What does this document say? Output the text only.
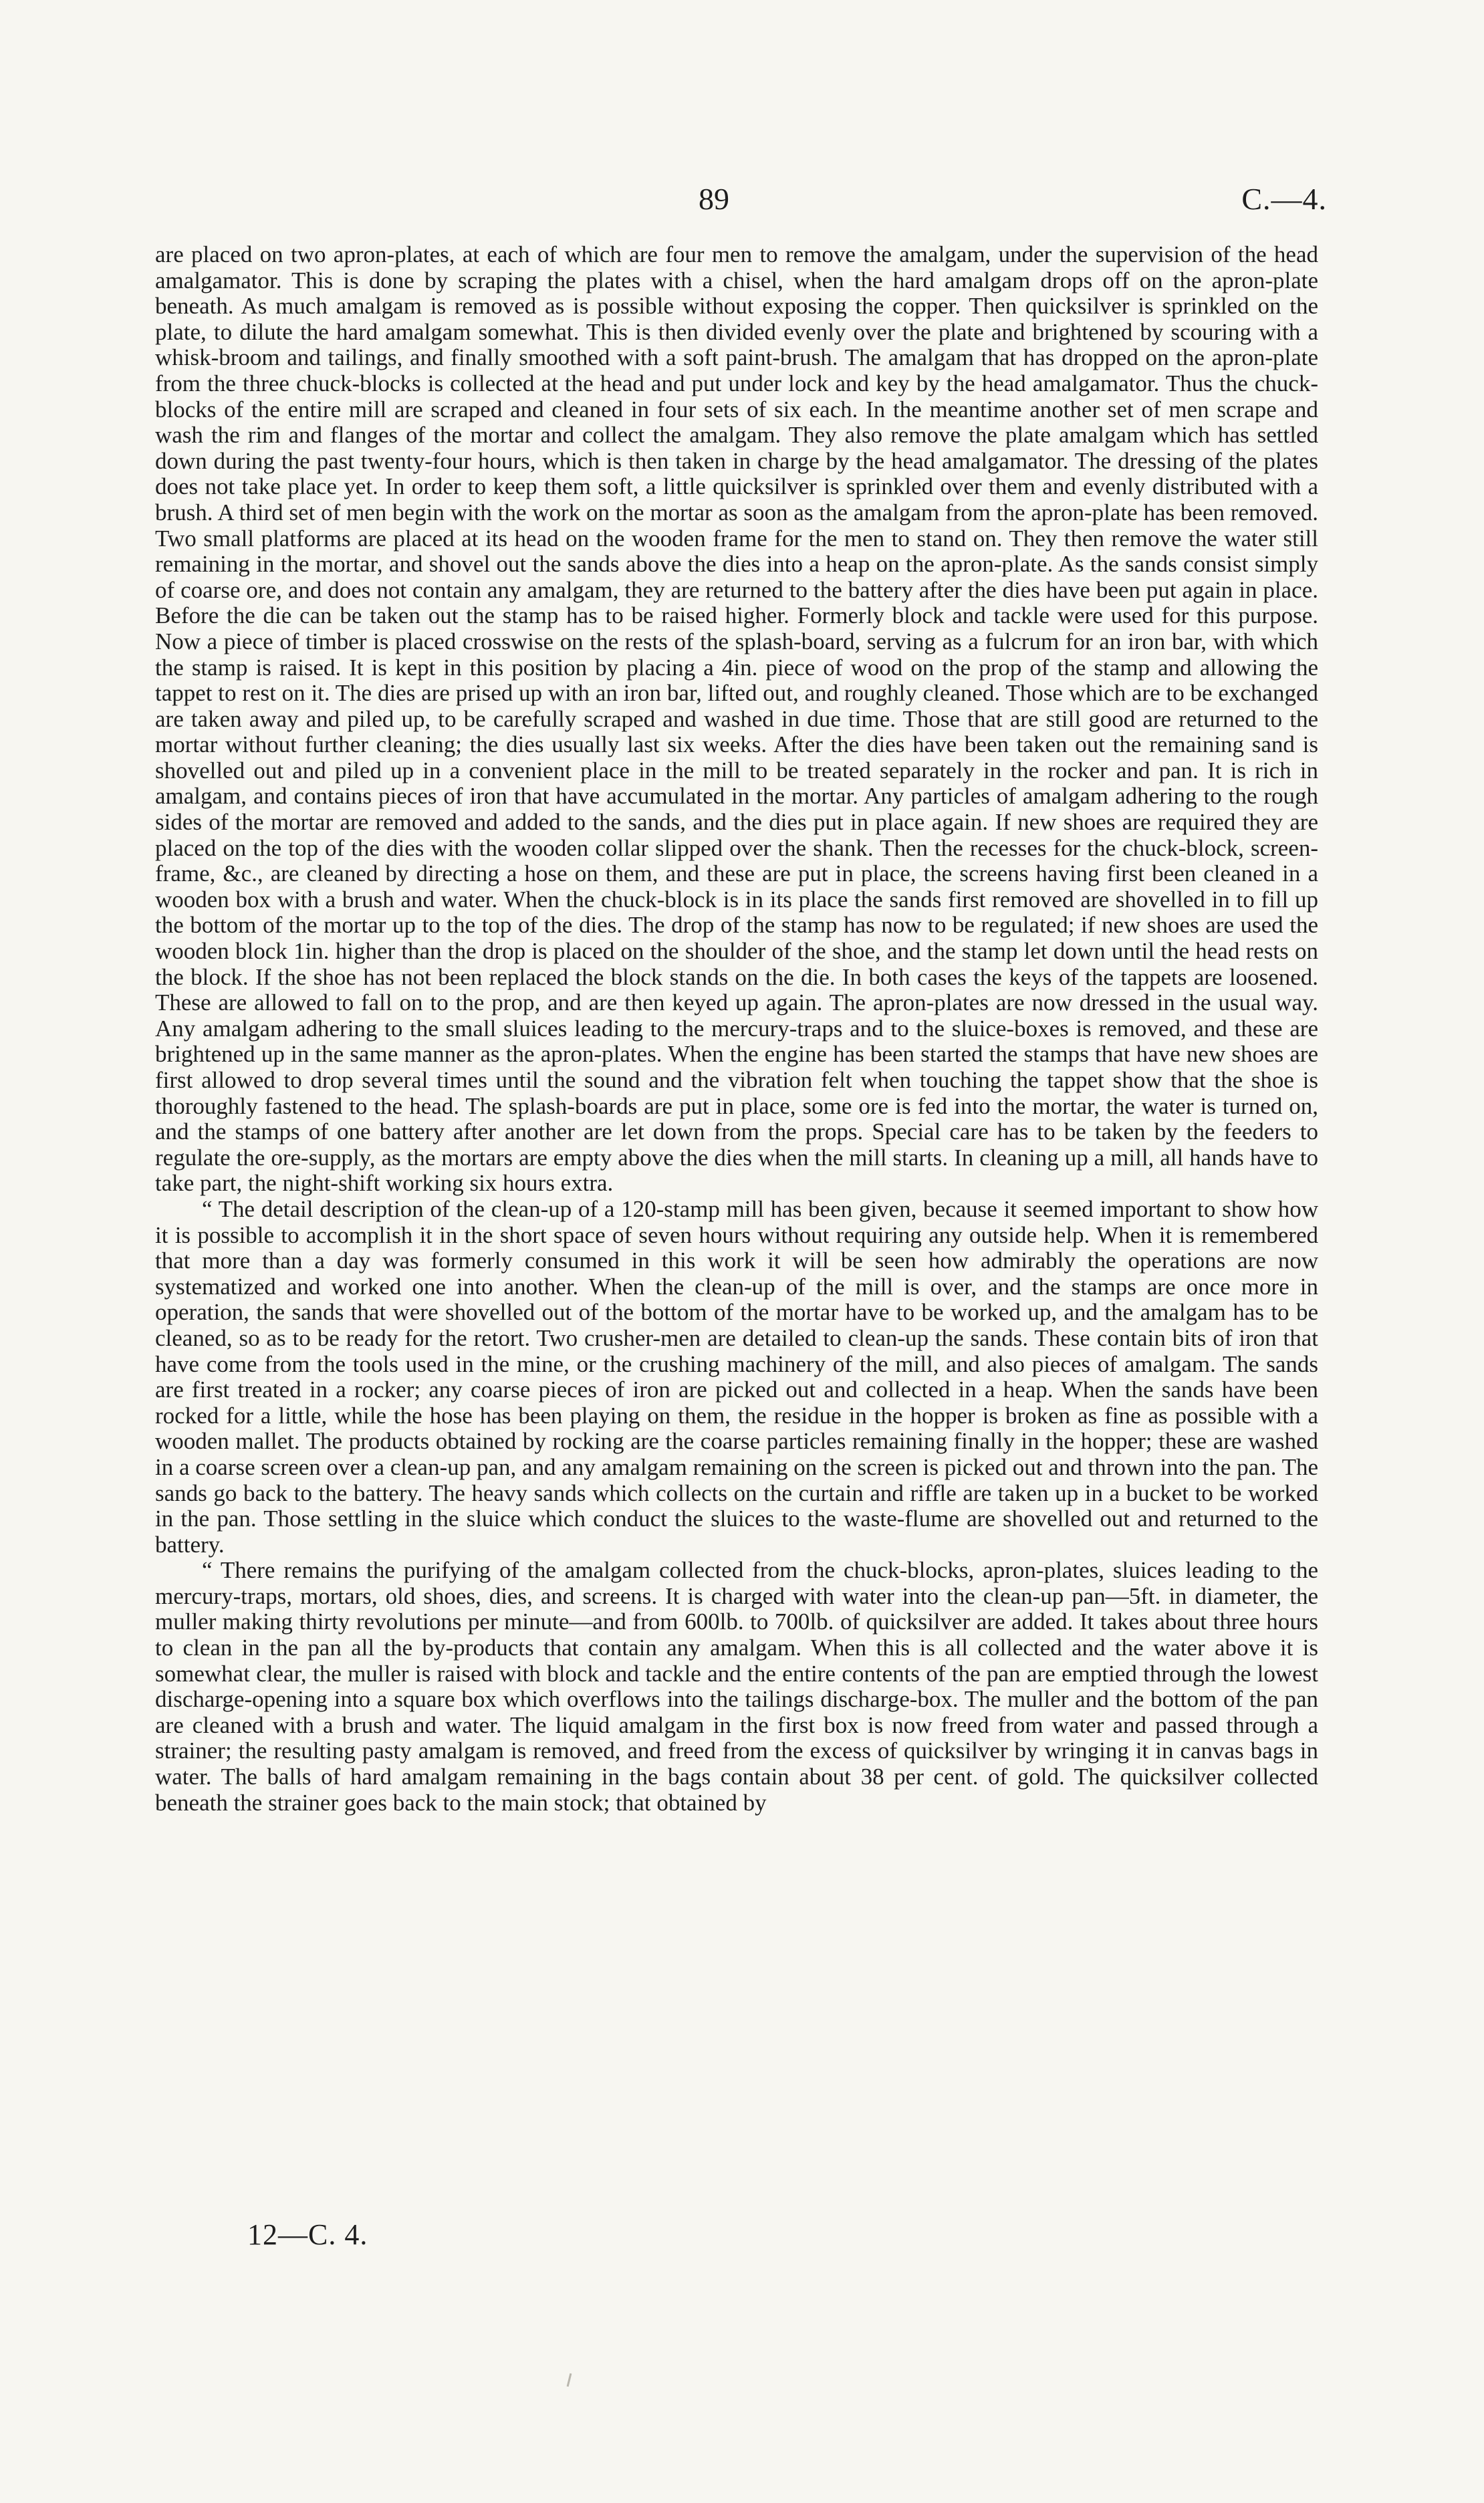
89	C.—4.

are placed on two apron-plates, at each of which are four men to remove the amalgam, under the supervision of the head amalgamator. This is done by scraping the plates with a chisel, when the hard amalgam drops off on the apron-plate beneath. As much amalgam is removed as is possible without exposing the copper. Then quicksilver is sprinkled on the plate, to dilute the hard amalgam somewhat. This is then divided evenly over the plate and brightened by scouring with a whisk-broom and tailings, and finally smoothed with a soft paint-brush. The amalgam that has dropped on the apron-plate from the three chuck-blocks is collected at the head and put under lock and key by the head amalgamator. Thus the chuck-blocks of the entire mill are scraped and cleaned in four sets of six each. In the meantime another set of men scrape and wash the rim and flanges of the mortar and collect the amalgam. They also remove the plate amalgam which has settled down during the past twenty-four hours, which is then taken in charge by the head amalgamator. The dressing of the plates does not take place yet. In order to keep them soft, a little quicksilver is sprinkled over them and evenly distributed with a brush. A third set of men begin with the work on the mortar as soon as the amalgam from the apron-plate has been removed. Two small platforms are placed at its head on the wooden frame for the men to stand on. They then remove the water still remaining in the mortar, and shovel out the sands above the dies into a heap on the apron-plate. As the sands consist simply of coarse ore, and does not contain any amalgam, they are returned to the battery after the dies have been put again in place. Before the die can be taken out the stamp has to be raised higher. Formerly block and tackle were used for this purpose. Now a piece of timber is placed crosswise on the rests of the splash-board, serving as a fulcrum for an iron bar, with which the stamp is raised. It is kept in this position by placing a 4in. piece of wood on the prop of the stamp and allowing the tappet to rest on it. The dies are prised up with an iron bar, lifted out, and roughly cleaned. Those which are to be exchanged are taken away and piled up, to be carefully scraped and washed in due time. Those that are still good are returned to the mortar without further cleaning; the dies usually last six weeks. After the dies have been taken out the remaining sand is shovelled out and piled up in a convenient place in the mill to be treated separately in the rocker and pan. It is rich in amalgam, and contains pieces of iron that have accumulated in the mortar. Any particles of amalgam adhering to the rough sides of the mortar are removed and added to the sands, and the dies put in place again. If new shoes are required they are placed on the top of the dies with the wooden collar slipped over the shank. Then the recesses for the chuck-block, screen-frame, &c., are cleaned by directing a hose on them, and these are put in place, the screens having first been cleaned in a wooden box with a brush and water. When the chuck-block is in its place the sands first removed are shovelled in to fill up the bottom of the mortar up to the top of the dies. The drop of the stamp has now to be regulated; if new shoes are used the wooden block 1in. higher than the drop is placed on the shoulder of the shoe, and the stamp let down until the head rests on the block. If the shoe has not been replaced the block stands on the die. In both cases the keys of the tappets are loosened. These are allowed to fall on to the prop, and are then keyed up again. The apron-plates are now dressed in the usual way. Any amalgam adhering to the small sluices leading to the mercury-traps and to the sluice-boxes is removed, and these are brightened up in the same manner as the apron-plates. When the engine has been started the stamps that have new shoes are first allowed to drop several times until the sound and the vibration felt when touching the tappet show that the shoe is thoroughly fastened to the head. The splash-boards are put in place, some ore is fed into the mortar, the water is turned on, and the stamps of one battery after another are let down from the props. Special care has to be taken by the feeders to regulate the ore-supply, as the mortars are empty above the dies when the mill starts. In cleaning up a mill, all hands have to take part, the night-shift working six hours extra.

“ The detail description of the clean-up of a 120-stamp mill has been given, because it seemed important to show how it is possible to accomplish it in the short space of seven hours without requiring any outside help. When it is remembered that more than a day was formerly consumed in this work it will be seen how admirably the operations are now systematized and worked one into another. When the clean-up of the mill is over, and the stamps are once more in operation, the sands that were shovelled out of the bottom of the mortar have to be worked up, and the amalgam has to be cleaned, so as to be ready for the retort. Two crusher-men are detailed to clean-up the sands. These contain bits of iron that have come from the tools used in the mine, or the crushing machinery of the mill, and also pieces of amalgam. The sands are first treated in a rocker; any coarse pieces of iron are picked out and collected in a heap. When the sands have been rocked for a little, while the hose has been playing on them, the residue in the hopper is broken as fine as possible with a wooden mallet. The products obtained by rocking are the coarse particles remaining finally in the hopper; these are washed in a coarse screen over a clean-up pan, and any amalgam remaining on the screen is picked out and thrown into the pan. The sands go back to the battery. The heavy sands which collects on the curtain and riffle are taken up in a bucket to be worked in the pan. Those settling in the sluice which conduct the sluices to the waste-flume are shovelled out and returned to the battery.

“ There remains the purifying of the amalgam collected from the chuck-blocks, apron-plates, sluices leading to the mercury-traps, mortars, old shoes, dies, and screens. It is charged with water into the clean-up pan—5ft. in diameter, the muller making thirty revolutions per minute—and from 600lb. to 700lb. of quicksilver are added. It takes about three hours to clean in the pan all the by-products that contain any amalgam. When this is all collected and the water above it is somewhat clear, the muller is raised with block and tackle and the entire contents of the pan are emptied through the lowest discharge-opening into a square box which overflows into the tailings discharge-box. The muller and the bottom of the pan are cleaned with a brush and water. The liquid amalgam in the first box is now freed from water and passed through a strainer; the resulting pasty amalgam is removed, and freed from the excess of quicksilver by wringing it in canvas bags in water. The balls of hard amalgam remaining in the bags contain about 38 per cent. of gold. The quicksilver collected beneath the strainer goes back to the main stock; that obtained by

12—C. 4.
